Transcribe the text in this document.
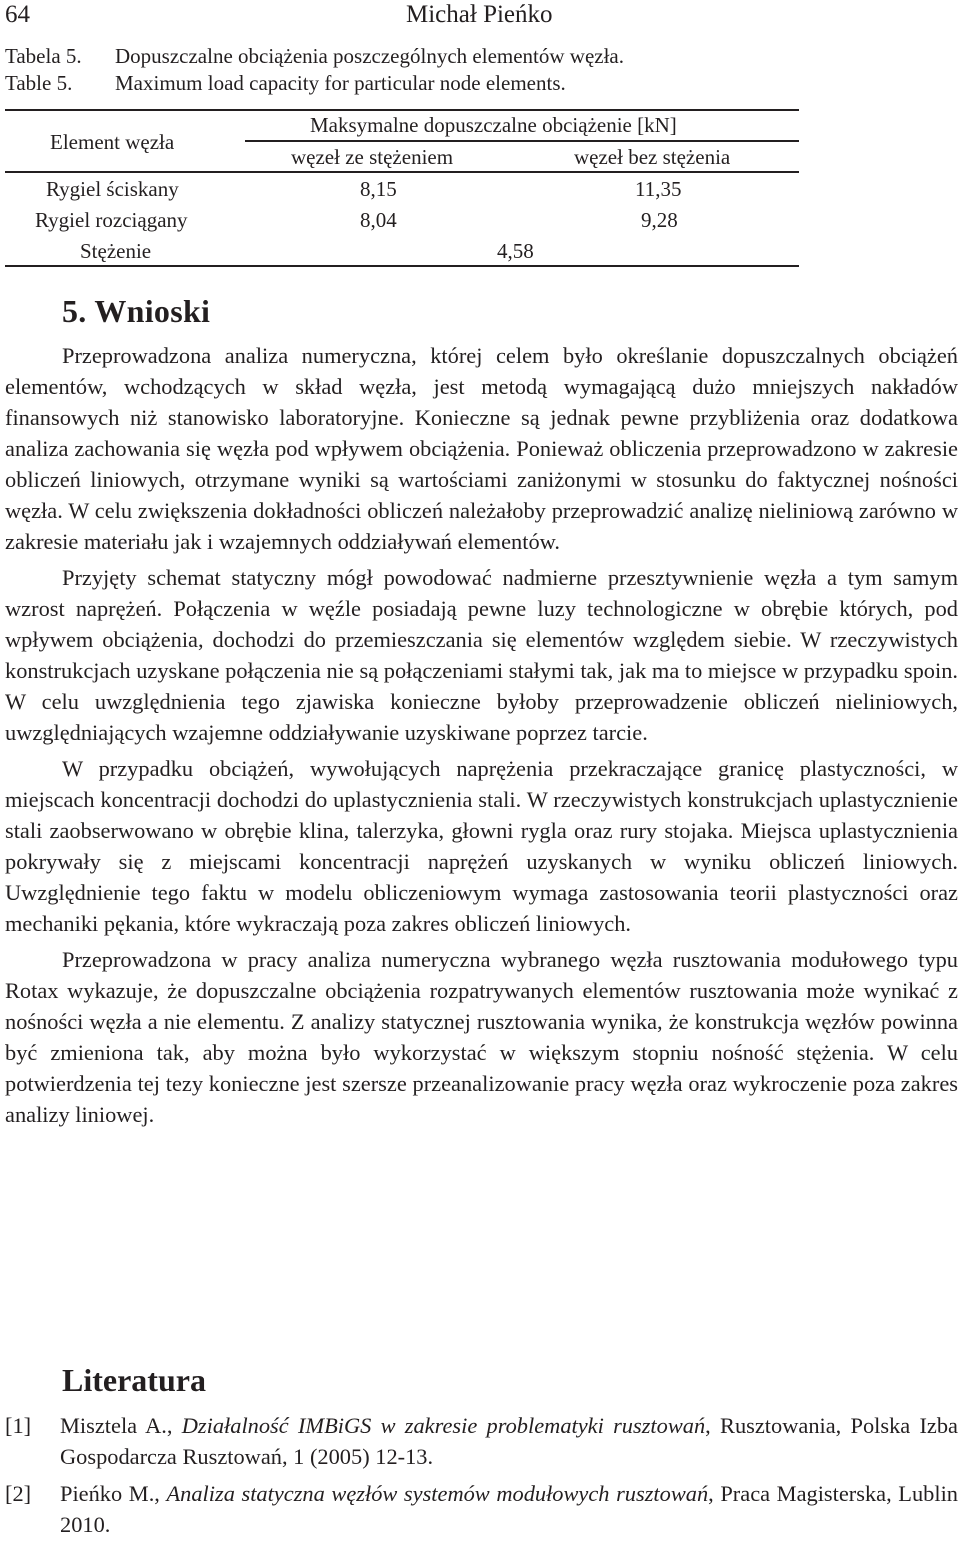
64	Michał Pieńko
Tabela 5. Dopuszczalne obciążenia poszczególnych elementów węzła.
Table 5. Maximum load capacity for particular node elements.
Element węzła
Maksymalne dopuszczalne obciążenie [kN]
węzeł ze stężeniem	węzeł bez stężenia
Rygiel ściskany	8,15	11,35
Rygiel rozciągany	8,04	9,28
Stężenie	4,58
5. Wnioski

Przeprowadzona analiza numeryczna, której celem było określanie dopuszczalnych obciążeń elementów, wchodzących w skład węzła, jest metodą wymagającą dużo mniejszych nakładów finansowych niż stanowisko laboratoryjne. Konieczne są jednak pewne przybliżenia oraz dodatkowa analiza zachowania się węzła pod wpływem obciążenia. Ponieważ obliczenia przeprowadzono w zakresie obliczeń liniowych, otrzymane wyniki są wartościami zaniżonymi w stosunku do faktycznej nośności węzła. W celu zwiększenia dokładności obliczeń należałoby przeprowadzić analizę nieliniową zarówno w zakresie materiału jak i wzajemnych oddziaływań elementów.

Przyjęty schemat statyczny mógł powodować nadmierne przesztywnienie węzła a tym samym wzrost naprężeń. Połączenia w węźle posiadają pewne luzy technologiczne w obrębie których, pod wpływem obciążenia, dochodzi do przemieszczania się elementów względem siebie. W rzeczywistych konstrukcjach uzyskane połączenia nie są połączeniami stałymi tak, jak ma to miejsce w przypadku spoin. W celu uwzględnienia tego zjawiska konieczne byłoby przeprowadzenie obliczeń nieliniowych, uwzględniających wzajemne oddziaływanie uzyskiwane poprzez tarcie.

W przypadku obciążeń, wywołujących naprężenia przekraczające granicę plastyczności, w miejscach koncentracji dochodzi do uplastycznienia stali. W rzeczywistych konstrukcjach uplastycznienie stali zaobserwowano w obrębie klina, talerzyka, głowni rygla oraz rury stojaka. Miejsca uplastycznienia pokrywały się z miejscami koncentracji naprężeń uzyskanych w wyniku obliczeń liniowych. Uwzględnienie tego faktu w modelu obliczeniowym wymaga zastosowania teorii plastyczności oraz mechaniki pękania, które wykraczają poza zakres obliczeń liniowych.

Przeprowadzona w pracy analiza numeryczna wybranego węzła rusztowania modułowego typu Rotax wykazuje, że dopuszczalne obciążenia rozpatrywanych elementów rusztowania może wynikać z nośności węzła a nie elementu. Z analizy statycznej rusztowania wynika, że konstrukcja węzłów powinna być zmieniona tak, aby można było wykorzystać w większym stopniu nośność stężenia. W celu potwierdzenia tej tezy konieczne jest szersze przeanalizowanie pracy węzła oraz wykroczenie poza zakres analizy liniowej.

Literatura
[1] Misztela A., Działalność IMBiGS w zakresie problematyki rusztowań, Rusztowania, Polska Izba Gospodarcza Rusztowań, 1 (2005) 12-13.
[2] Pieńko M., Analiza statyczna węzłów systemów modułowych rusztowań, Praca Magisterska, Lublin 2010.
